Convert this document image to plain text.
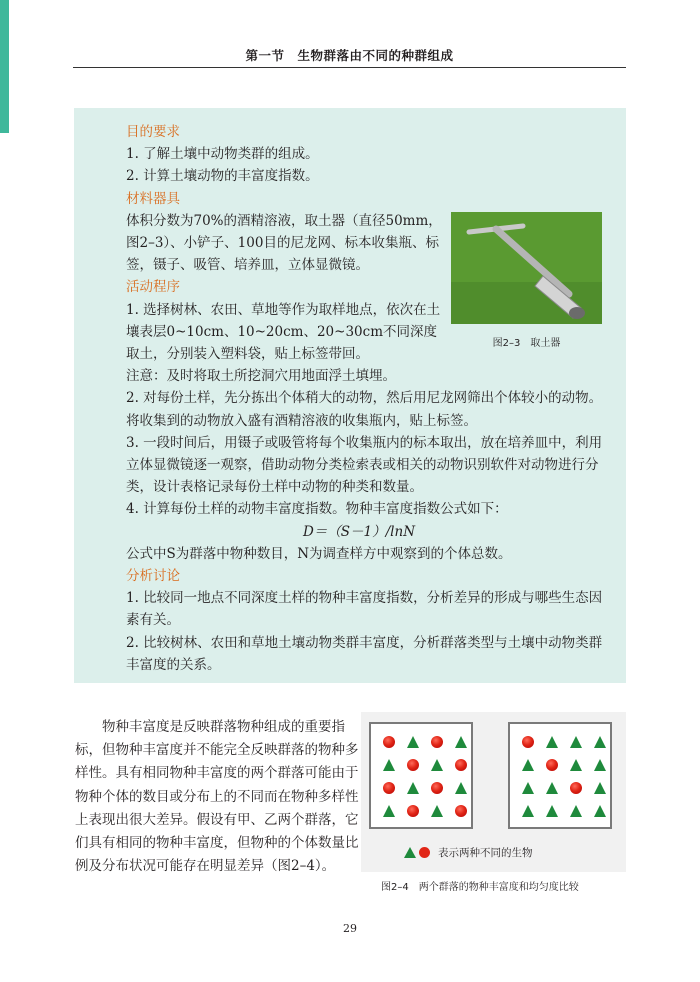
第一节　生物群落由不同的种群组成
目的要求
1. 了解土壤中动物类群的组成。
2. 计算土壤动物的丰富度指数。
材料器具
体积分数为70%的酒精溶液，取土器（直径50mm，图2–3）、小铲子、100目的尼龙网、标本收集瓶、标签，镊子、吸管、培养皿，立体显微镜。
活动程序
1. 选择树林、农田、草地等作为取样地点，依次在土壤表层0~10cm、10~20cm、20~30cm不同深度取土，分别装入塑料袋，贴上标签带回。
注意：及时将取土所挖洞穴用地面浮土填埋。
2. 对每份土样，先分拣出个体稍大的动物，然后用尼龙网筛出个体较小的动物。将收集到的动物放入盛有酒精溶液的收集瓶内，贴上标签。
3. 一段时间后，用镊子或吸管将每个收集瓶内的标本取出，放在培养皿中，利用立体显微镜逐一观察，借助动物分类检索表或相关的动物识别软件对动物进行分类，设计表格记录每份土样中动物的种类和数量。
4. 计算每份土样的动物丰富度指数。物种丰富度指数公式如下：
D＝（S－1）/lnN
公式中S为群落中物种数目，N为调查样方中观察到的个体总数。
分析讨论
1. 比较同一地点不同深度土样的物种丰富度指数，分析差异的形成与哪些生态因素有关。
2. 比较树林、农田和草地土壤动物类群丰富度，分析群落类型与土壤中动物类群丰富度的关系。
图2–3　取土器
物种丰富度是反映群落物种组成的重要指标，但物种丰富度并不能完全反映群落的物种多样性。具有相同物种丰富度的两个群落可能由于物种个体的数目或分布上的不同而在物种多样性上表现出很大差异。假设有甲、乙两个群落，它们具有相同的物种丰富度，但物种的个体数量比例及分布状况可能存在明显差异（图2–4）。
表示两种不同的生物
图2–4　两个群落的物种丰富度和均匀度比较
29
